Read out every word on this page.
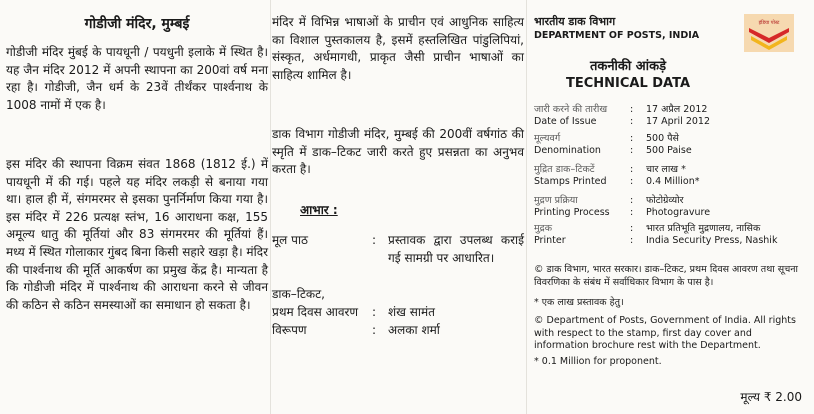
गोडीजी मंदिर, मुम्बई

गोडीजी मंदिर मुंबई के पायधूनी / पयधुनी इलाके में स्थित है। यह जैन मंदिर 2012 में अपनी स्थापना का 200वां वर्ष मना रहा है। गोडीजी, जैन धर्म के 23वें तीर्थंकर पार्श्वनाथ के 1008 नामों में एक है।

इस मंदिर की स्थापना विक्रम संवत 1868 (1812 ई.) में पायधूनी में की गई। पहले यह मंदिर लकड़ी से बनाया गया था। हाल ही में, संगमरमर से इसका पुनर्निर्माण किया गया है। इस मंदिर में 226 प्रत्यक्ष स्तंभ, 16 आराधना कक्ष, 155 अमूल्य धातु की मूर्तियां और 83 संगमरमर की मूर्तियां हैं। मध्य में स्थित गोलाकार गुंबद बिना किसी सहारे खड़ा है। मंदिर की पार्श्वनाथ की मूर्ति आकर्षण का प्रमुख केंद्र है। मान्यता है कि गोडीजी मंदिर में पार्श्वनाथ की आराधना करने से जीवन की कठिन से कठिन समस्याओं का समाधान हो सकता है।

मंदिर में विभिन्न भाषाओं के प्राचीन एवं आधुनिक साहित्य का विशाल पुस्तकालय है, इसमें हस्तलिखित पांडुलिपियां, संस्कृत, अर्धमागधी, प्राकृत जैसी प्राचीन भाषाओं का साहित्य शामिल है।

डाक विभाग गोडीजी मंदिर, मुम्बई की 200वीं वर्षगांठ की स्मृति में डाक–टिकट जारी करते हुए प्रसन्नता का अनुभव करता है।

आभार :
मूल पाठ	: प्रस्तावक द्वारा उपलब्ध कराई गई सामग्री पर आधारित।
डाक–टिकट,
प्रथम दिवस आवरण : शंख सामंत
विरूपण	: अलका शर्मा
भारतीय डाक विभाग
DEPARTMENT OF POSTS, INDIA
इंडिया पोस्ट
तकनीकी आंकड़े
TECHNICAL DATA
जारी करने की तारीख
Date of Issue
:
:
17 अप्रैल 2012
17 April 2012
मूल्यवर्ग
Denomination
:
:
500 पैसे
500 Paise
मुद्रित डाक–टिकटें
Stamps Printed
:
:
चार लाख *
0.4 Million*
मुद्रण प्रक्रिया
Printing Process
:
:
फोटोग्रेव्योर
Photogravure
मुद्रक
Printer
:
:
भारत प्रतिभूति मुद्रणालय, नासिक
India Security Press, Nashik
© डाक विभाग, भारत सरकार। डाक–टिकट, प्रथम दिवस आवरण तथा सूचना विवरणिका के संबंध में सर्वाधिकार विभाग के पास है।
* एक लाख प्रस्तावक हेतु।
© Department of Posts, Government of India. All rights with respect to the stamp, first day cover and information brochure rest with the Department.
* 0.1 Million for proponent.
मूल्य ₹ 2.00
